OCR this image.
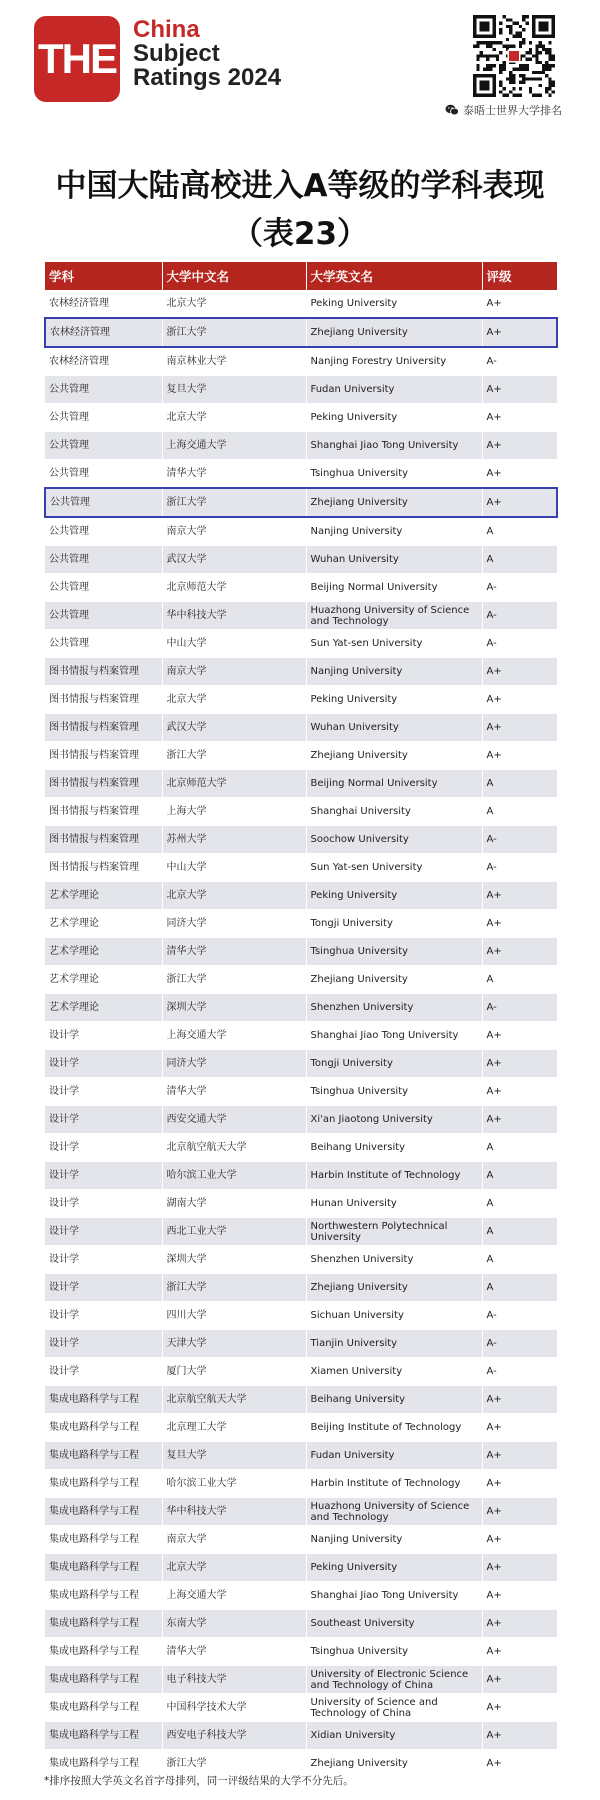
THE
China
Subject
Ratings 2024
泰晤士世界大学排名
中国大陆高校进入A等级的学科表现
（表23）
学科	大学中文名	大学英文名	评级
农林经济管理	北京大学	Peking University	A+
农林经济管理	浙江大学	Zhejiang University	A+
农林经济管理	南京林业大学	Nanjing Forestry University	A-
公共管理	复旦大学	Fudan University	A+
公共管理	北京大学	Peking University	A+
公共管理	上海交通大学	Shanghai Jiao Tong University	A+
公共管理	清华大学	Tsinghua University	A+
公共管理	浙江大学	Zhejiang University	A+
公共管理	南京大学	Nanjing University	A
公共管理	武汉大学	Wuhan University	A
公共管理	北京师范大学	Beijing Normal University	A-
公共管理	华中科技大学	Huazhong University of Science and Technology	A-
公共管理	中山大学	Sun Yat-sen University	A-
图书情报与档案管理	南京大学	Nanjing University	A+
图书情报与档案管理	北京大学	Peking University	A+
图书情报与档案管理	武汉大学	Wuhan University	A+
图书情报与档案管理	浙江大学	Zhejiang University	A+
图书情报与档案管理	北京师范大学	Beijing Normal University	A
图书情报与档案管理	上海大学	Shanghai University	A
图书情报与档案管理	苏州大学	Soochow University	A-
图书情报与档案管理	中山大学	Sun Yat-sen University	A-
艺术学理论	北京大学	Peking University	A+
艺术学理论	同济大学	Tongji University	A+
艺术学理论	清华大学	Tsinghua University	A+
艺术学理论	浙江大学	Zhejiang University	A
艺术学理论	深圳大学	Shenzhen University	A-
设计学	上海交通大学	Shanghai Jiao Tong University	A+
设计学	同济大学	Tongji University	A+
设计学	清华大学	Tsinghua University	A+
设计学	西安交通大学	Xi'an Jiaotong University	A+
设计学	北京航空航天大学	Beihang University	A
设计学	哈尔滨工业大学	Harbin Institute of Technology	A
设计学	湖南大学	Hunan University	A
设计学	西北工业大学	Northwestern Polytechnical University	A
设计学	深圳大学	Shenzhen University	A
设计学	浙江大学	Zhejiang University	A
设计学	四川大学	Sichuan University	A-
设计学	天津大学	Tianjin University	A-
设计学	厦门大学	Xiamen University	A-
集成电路科学与工程	北京航空航天大学	Beihang University	A+
集成电路科学与工程	北京理工大学	Beijing Institute of Technology	A+
集成电路科学与工程	复旦大学	Fudan University	A+
集成电路科学与工程	哈尔滨工业大学	Harbin Institute of Technology	A+
集成电路科学与工程	华中科技大学	Huazhong University of Science and Technology	A+
集成电路科学与工程	南京大学	Nanjing University	A+
集成电路科学与工程	北京大学	Peking University	A+
集成电路科学与工程	上海交通大学	Shanghai Jiao Tong University	A+
集成电路科学与工程	东南大学	Southeast University	A+
集成电路科学与工程	清华大学	Tsinghua University	A+
集成电路科学与工程	电子科技大学	University of Electronic Science and Technology of China	A+
集成电路科学与工程	中国科学技术大学	University of Science and Technology of China	A+
集成电路科学与工程	西安电子科技大学	Xidian University	A+
集成电路科学与工程	浙江大学	Zhejiang University	A+
*排序按照大学英文名首字母排列，同一评级结果的大学不分先后。
